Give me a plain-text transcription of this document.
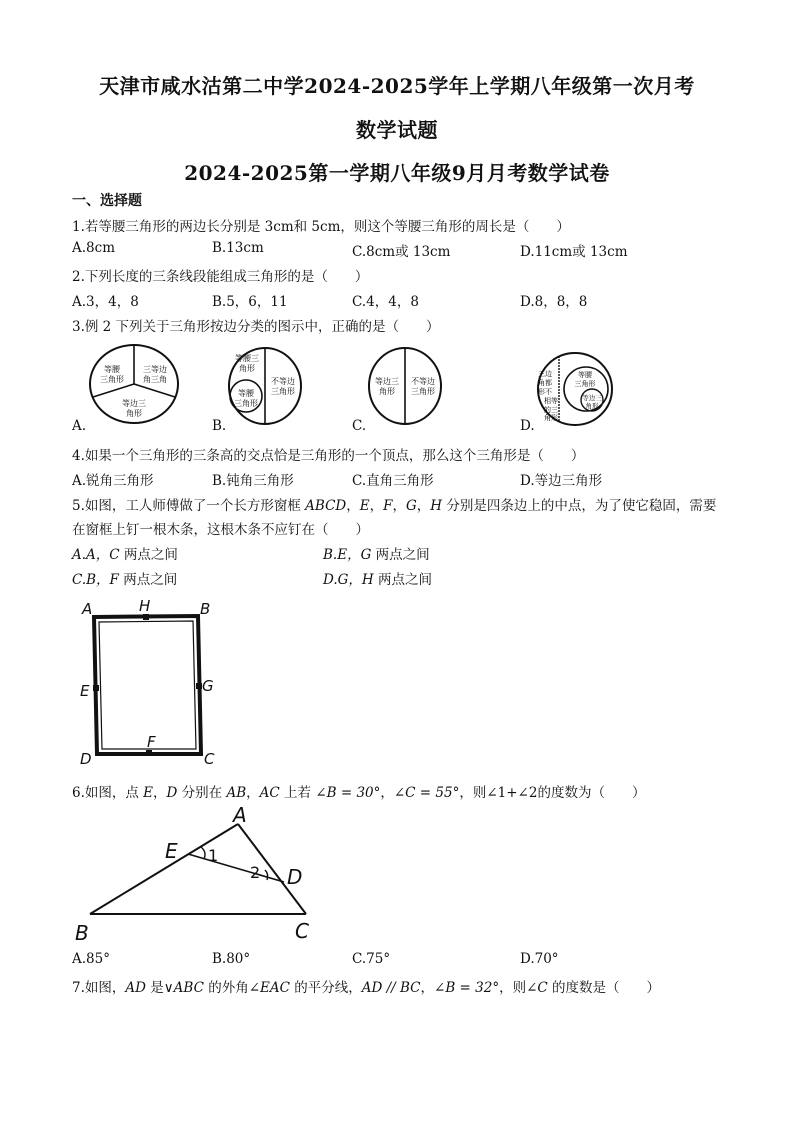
天津市咸水沽第二中学2024-2025学年上学期八年级第一次月考
数学试题
2024-2025第一学期八年级9月月考数学试卷
一、选择题
1.若等腰三角形的两边长分别是 3cm和 5cm，则这个等腰三角形的周长是（　　）
A.8cm	B.13cm	C.8cm或 13cm	D.11cm或 13cm
2.下列长度的三条线段能组成三角形的是（　　）
A.3，4，8	B.5，6，11	C.4，4，8	D.8，8，8
3.例 2 下列关于三角形按边分类的图示中，正确的是（　　）
等腰
三角形
三等边
角三角
等边三
角形
等腰三
角形
等腰
三角形
不等边
三角形
等边三
角形
不等边
三角形
三边
角都
形不
相等
的三
角形
等腰
三角形
等边三
角形
A.	B.	C.	D.
4.如果一个三角形的三条高的交点恰是三角形的一个顶点，那么这个三角形是（　　）
A.锐角三角形	B.钝角三角形	C.直角三角形	D.等边三角形
5.如图，工人师傅做了一个长方形窗框 ABCD，E，F，G，H 分别是四条边上的中点，为了使它稳固，需要
在窗框上钉一根木条，这根木条不应钉在（　　）
A.A，C 两点之间	B.E，G 两点之间
C.B，F 两点之间	D.G，H 两点之间
A	H	B
E	G
D
F
C
6.如图，点 E，D 分别在 AB，AC 上若 ∠B = 30°，∠C = 55°，则∠1+∠2的度数为（　　）
A
E
D
B	C
1
2
A.85°	B.80°	C.75°	D.70°
7.如图，AD 是∨ABC 的外角∠EAC 的平分线，AD // BC，∠B = 32°，则∠C 的度数是（　　）
